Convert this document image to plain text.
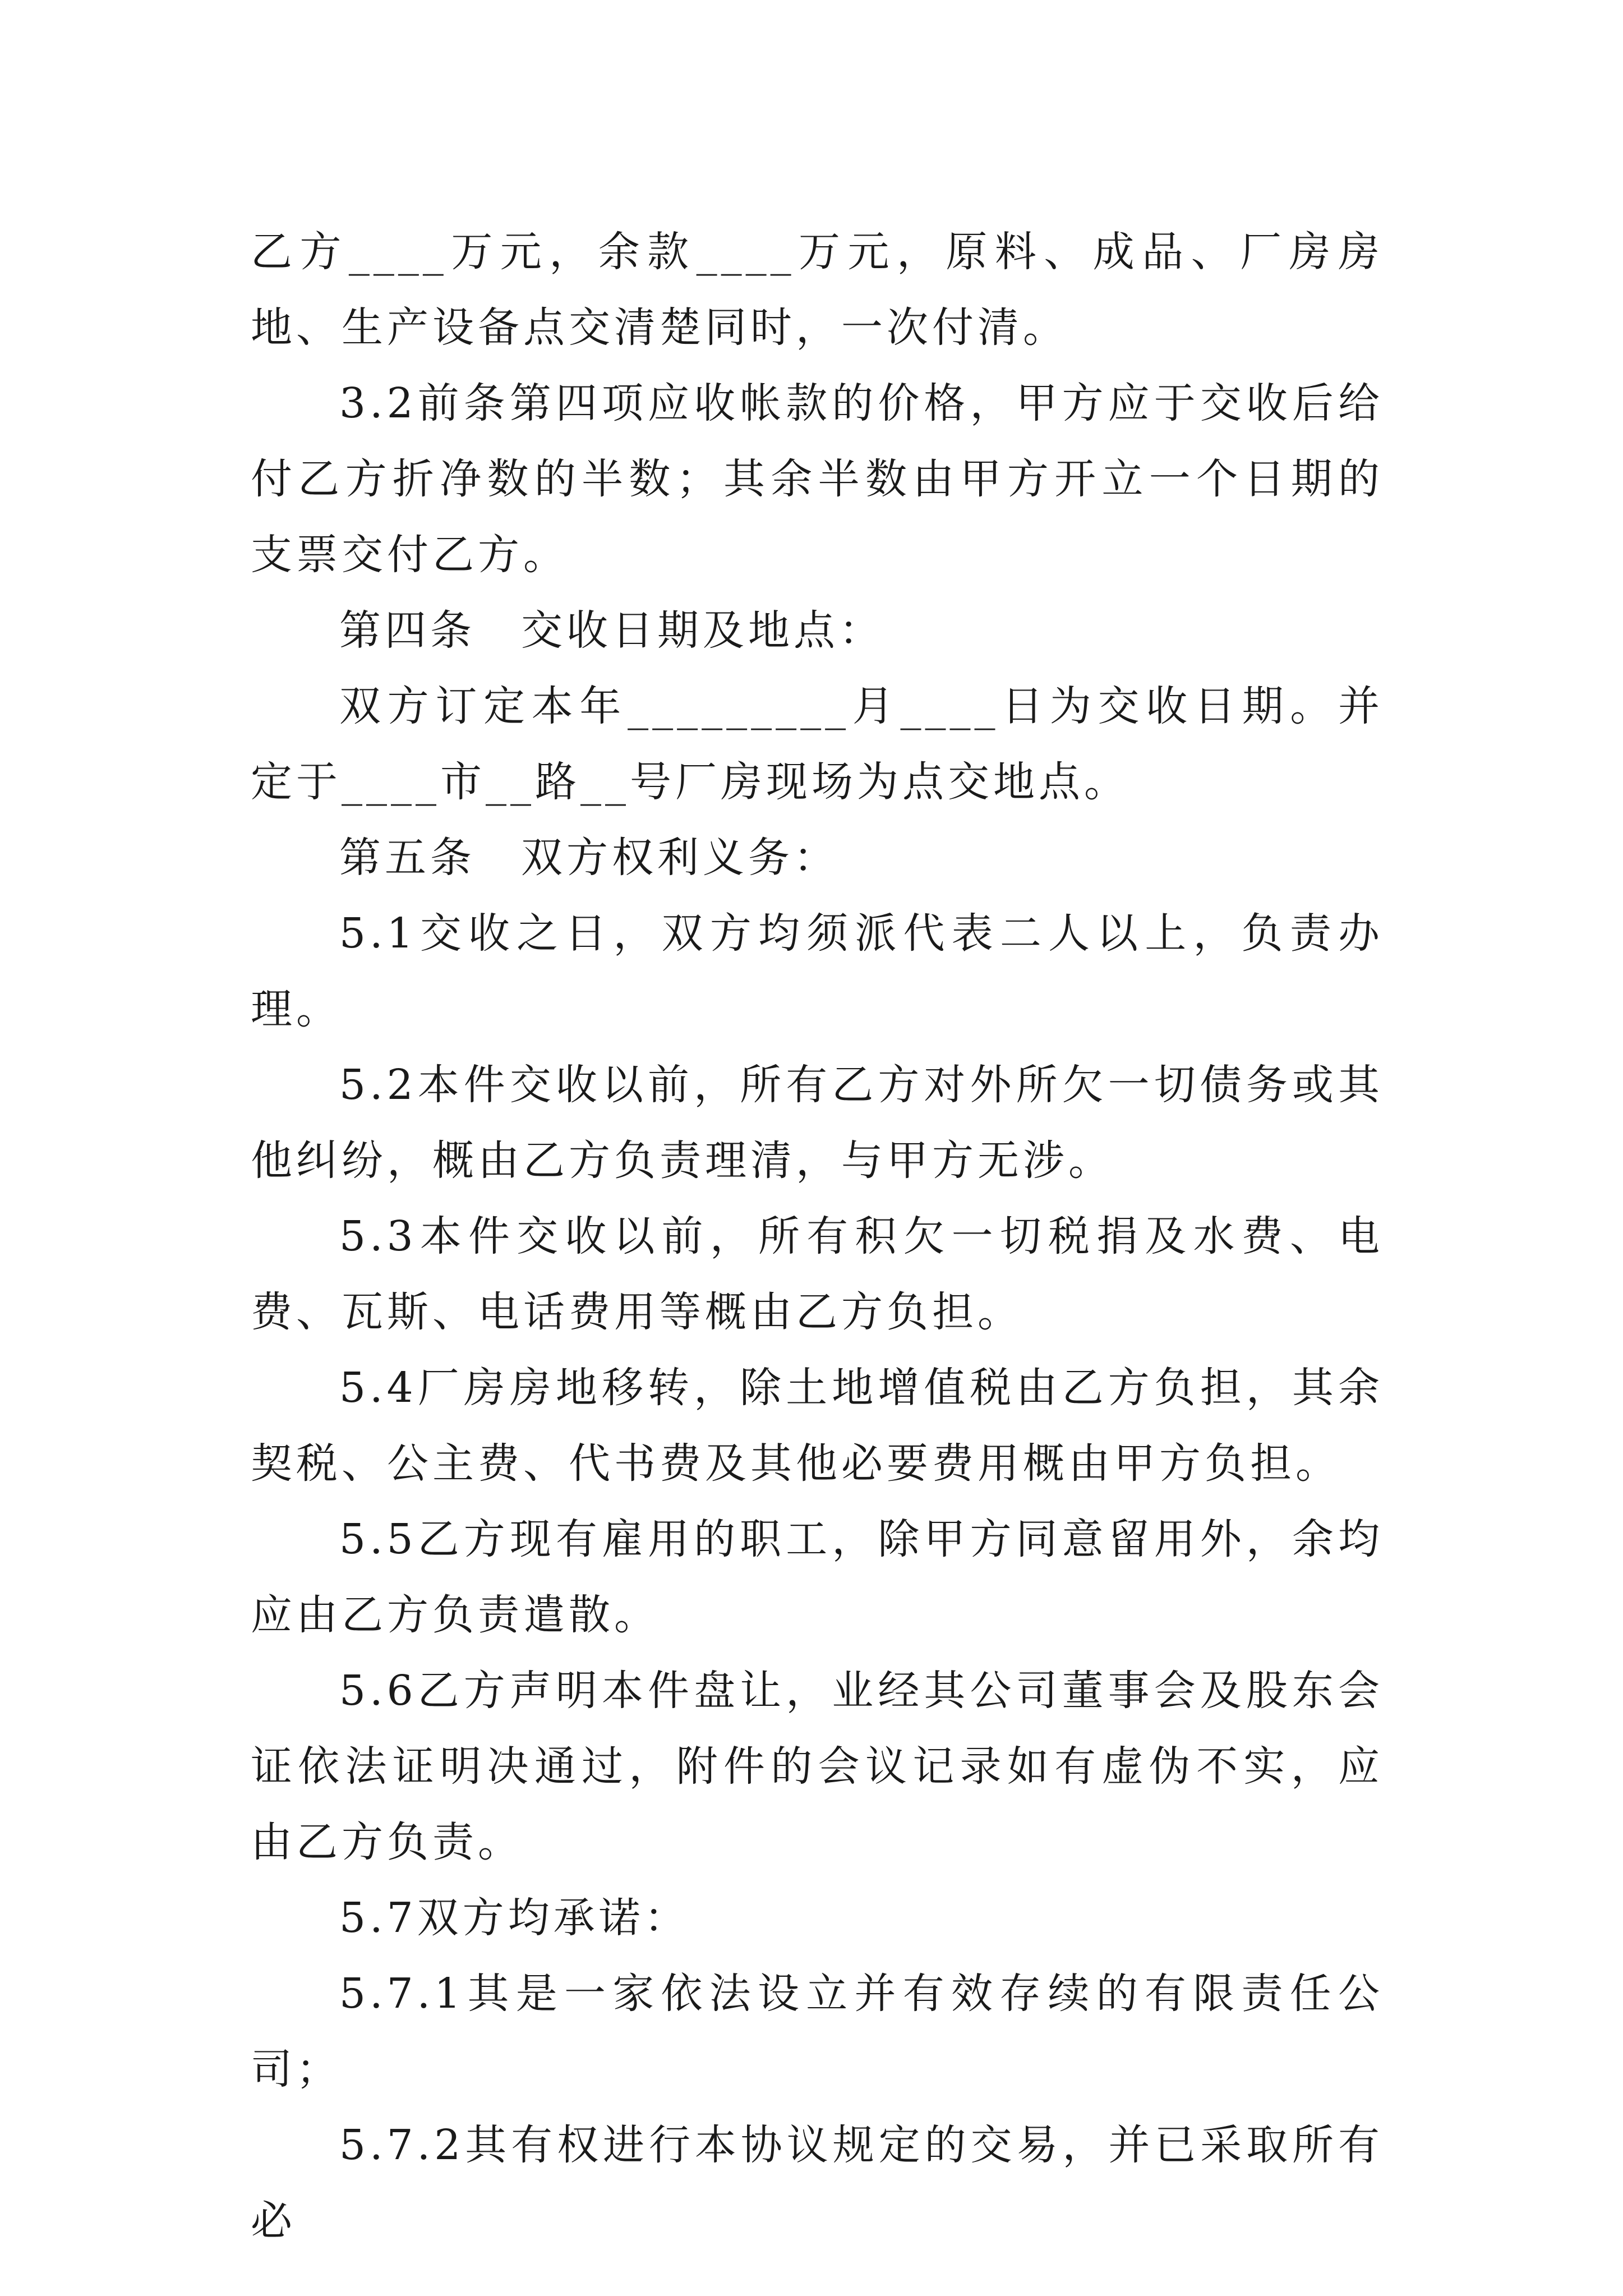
乙方____万元，余款____万元，原料、成品、厂房房地、生产设备点交清楚同时，一次付清。

3.2前条第四项应收帐款的价格，甲方应于交收后给付乙方折净数的半数；其余半数由甲方开立一个日期的支票交付乙方。

第四条　交收日期及地点：

双方订定本年_________月____日为交收日期。并定于____市__路__号厂房现场为点交地点。

第五条　双方权利义务：

5.1交收之日，双方均须派代表二人以上，负责办理。

5.2本件交收以前，所有乙方对外所欠一切债务或其他纠纷，概由乙方负责理清，与甲方无涉。

5.3本件交收以前，所有积欠一切税捐及水费、电费、瓦斯、电话费用等概由乙方负担。

5.4厂房房地移转，除土地增值税由乙方负担，其余契税、公主费、代书费及其他必要费用概由甲方负担。

5.5乙方现有雇用的职工，除甲方同意留用外，余均应由乙方负责遣散。

5.6乙方声明本件盘让，业经其公司董事会及股东会证依法证明决通过，附件的会议记录如有虚伪不实，应由乙方负责。

5.7双方均承诺：

5.7.1其是一家依法设立并有效存续的有限责任公司；

5.7.2其有权进行本协议规定的交易，并已采取所有必
